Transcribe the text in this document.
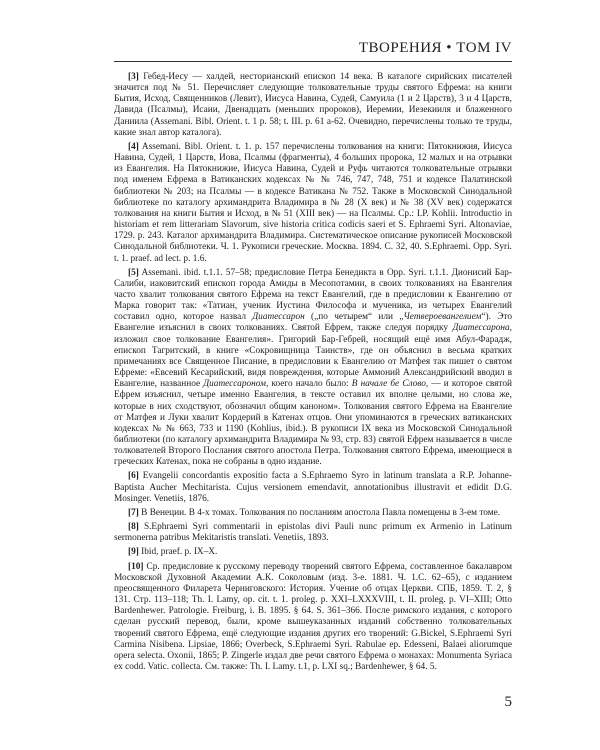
ТВОРЕНИЯ • ТОМ IV

[3] Гебед-Иесу — халдей, несторианский епископ 14 века. В каталоге сирийских писателей значится под № 51. Перечисляет следующие толковательные труды святого Ефрема: на книги Бытия, Исход, Священников (Левит), Иисуса Навина, Судей, Самуила (1 и 2 Царств), 3 и 4 Царств, Давида (Псалмы), Исаии, Двенадцать (меньших пророков), Иеремии, Иезекииля и блаженного Даниила (Assemani. Bibl. Orient. t. 1 p. 58; t. III. p. 61 a-62. Очевидно, перечислены только те труды, какие знал автор каталога).

[4] Assemani. Bibl. Orient. t. 1. p. 157 перечислены толкования на книги: Пятокнижия, Иисуса Навина, Судей, 1 Царств, Иова, Псалмы (фрагменты), 4 больших пророка, 12 малых и на отрывки из Евангелия. На Пятокнижие, Иисуса Навина, Судей и Руфь читаются толковательные отрывки под именем Ефрема в Ватиканских кодексах № № 746, 747, 748, 751 и кодексе Палатинской библиотеки № 203; на Псалмы — в кодексе Ватикана № 752. Также в Московской Синодальной библиотеке по каталогу архимандрита Владимира в № 28 (X век) и № 38 (XV век) содержатся толкования на книги Бытия и Исход, в № 51 (XIII век) — на Псалмы. Ср.: I.P. Kohlii. Introductio in historiam et rem litterariam Slavorum, sive historia critica codicis saeri et S. Ephraemi Syri. Altonaviae, 1729. p. 243. Каталог архимандрита Владимира. Систематическое описание рукописей Московской Синодальной библиотеки. Ч. 1. Рукописи греческие. Москва. 1894. С. 32, 40. S.Ephraemi. Opp. Syri. t. 1. praef. ad lect. p. 1.6.

[5] Assemani. ibid. t.1.1. 57–58; предисловие Петра Бенедикта в Opp. Syri. t.1.1. Дионисий Бар-Салиби, иаковитский епископ города Амиды в Месопотамии, в своих толкованиях на Евангелия часто хвалит толкования святого Ефрема на текст Евангелий, где в предисловии к Евангелию от Марка говорит так: «Татиан, ученик Иустина Философа и мученика, из четырех Евангелий составил одно, которое назвал Диатессарон („по четырем“ или „Четвероевангелием“). Это Евангелие изъяснил в своих толкованиях. Святой Ефрем, также следуя порядку Диатессарона, изложил свое толкование Евангелия». Григорий Бар-Гебрей, носящий ещё имя Абул-Фарадж, епископ Тагритский, в книге «Сокровищница Таинств», где он объяснил в весьма кратких примечаниях все Священное Писание, в предисловии к Евангелию от Матфея так пишет о святом Ефреме: «Евсевий Кесарийский, видя повреждения, которые Аммоний Александрийский вводил в Евангелие, названное Диатессароном, коего начало было: В начале бе Слово, — и которое святой Ефрем изъяснил, четыре именно Евангелия, в тексте оставил их вполне целыми, но слова же, которые в них сходствуют, обозначил общим каноном». Толкования святого Ефрема на Евангелие от Матфея и Луки хвалит Кордерий в Катенах отцов. Они упоминаются в греческих ватиканских кодексах № № 663, 733 и 1190 (Kohlius, ibid.). В рукописи IX века из Московской Синодальной библиотеки (по каталогу архимандрита Владимира № 93, стр. 83) святой Ефрем называется в числе толкователей Второго Послания святого апостола Петра. Толкования святого Ефрема, имеющиеся в греческих Катенах, пока не собраны в одно издание.

[6] Evangelii concordantis expositio facta a S.Ephraemo Syro in latinum translata a R.P. Johanne-Baptista Aucher Mechitarista. Cujus versionem emendavit, annotationibus illustravit et edidit D.G. Mosinger. Venetiis, 1876.

[7] В Венеции. В 4-х томах. Толкования по посланиям апостола Павла помещены в 3-ем томе.

[8] S.Ephraemi Syri commentarii in epistolas divi Pauli nunc primum ex Armenio in Latinum sermonerna patribus Mekitaristis translati. Venetiis, 1893.

[9] Ibid, praef. p. IX–X.

[10] Ср. предисловие к русскому переводу творений святого Ефрема, составленное бакалавром Московской Духовной Академии А.К. Соколовым (изд. 3-е. 1881. Ч. 1.С. 62–65), с изданием преосвященного Филарета Черниговского: История. Учение об отцах Церкви. СПБ, 1859. Т. 2, § 131. Стр. 113–118; Th. I. Lamy, op. cit. t. 1. proleg. p. XXI–LXXXVIII, t. II. proleg. p. VI–XIII; Otto Bardenhewer. Patrologie. Freiburg, i. B. 1895. § 64. S. 361–366. После римского издания, с которого сделан русский перевод, были, кроме вышеуказанных изданий собственно толковательных творений святого Ефрема, ещё следующие издания других его творений: G.Bickel, S.Ephraemi Syri Carmina Nisibena. Lipsiae, 1866; Overbeck, S.Ephraemi Syri. Rabulae ep. Edesseni, Balaei aliorumque opera selecta. Oxonii, 1865; P. Zingerle издал две речи святого Ефрема о монахах: Monumenta Syriaca ex codd. Vatic. collecta. См. также: Th. I. Lamy. t.1, p. LXI sq.; Bardenhewer, § 64. 5.

5
